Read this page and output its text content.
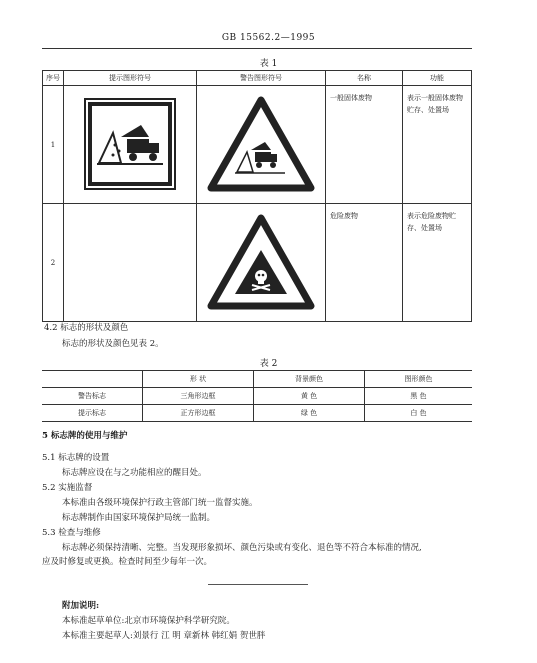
GB 15562.2—1995
表 1
序号	提示图形符号	警告图形符号	名称	功能
1			一般固体废物	表示一般固体废物贮存、处置场
2			危险废物	表示危险废物贮存、处置场
4.2 标志的形状及颜色
标志的形状及颜色见表 2。
表 2
	形 状	背景颜色	图形颜色
警告标志	三角形边框	黄 色	黑 色
提示标志	正方形边框	绿 色	白 色
5 标志牌的使用与维护
5.1 标志牌的设置
标志牌应设在与之功能相应的醒目处。
5.2 实施监督
本标准由各级环境保护行政主管部门统一监督实施。
标志牌制作由国家环境保护局统一监制。
5.3 检查与维修
标志牌必须保持清晰、完整。当发现形象损坏、颜色污染或有变化、退色等不符合本标准的情况,
应及时修复或更换。检查时间至少每年一次。
附加说明:
本标准起草单位:北京市环境保护科学研究院。
本标准主要起草人:刘景行 江 明 章新林 韩红娟 贺世胖
